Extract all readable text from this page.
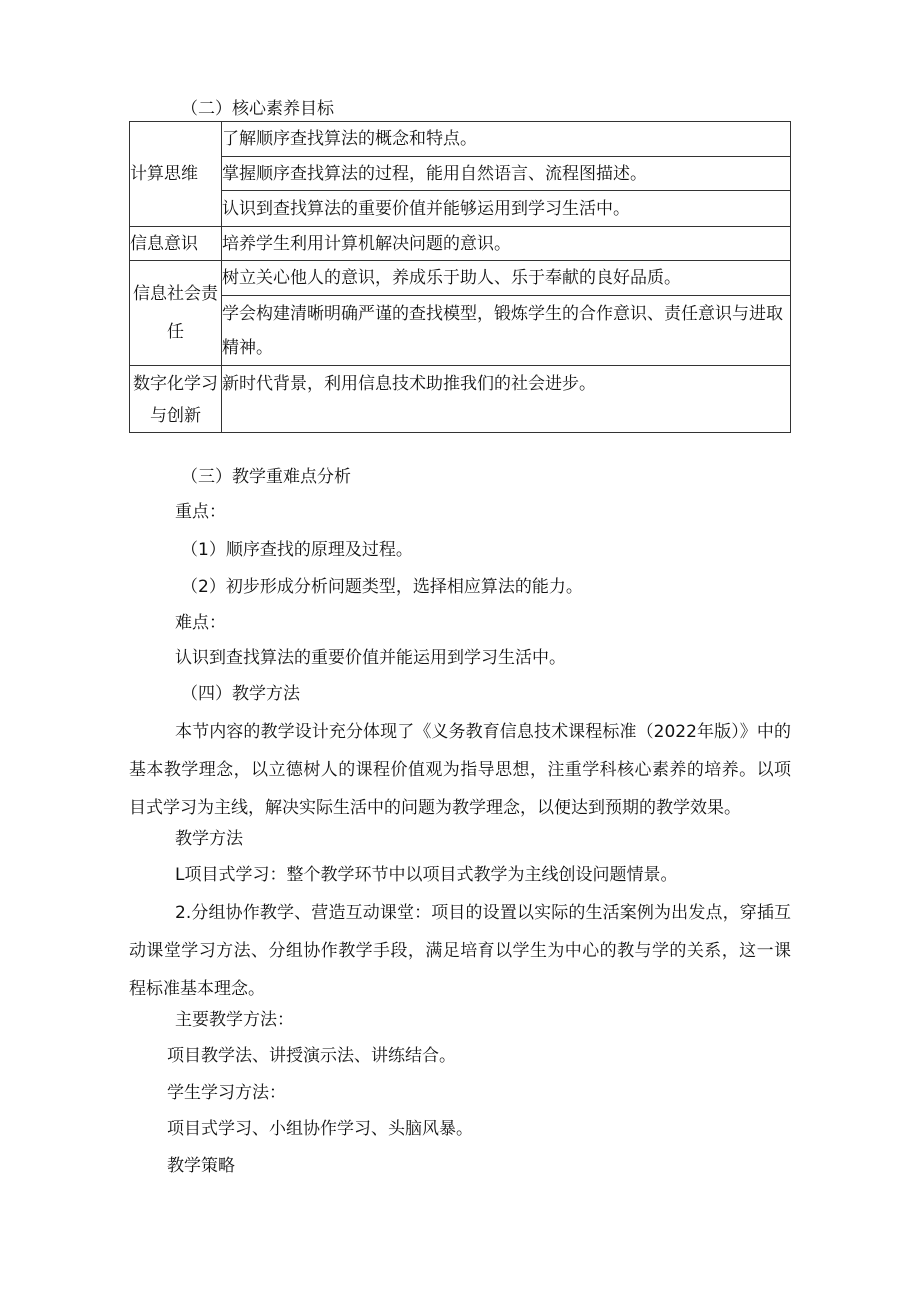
（二）核心素养目标
计算思维	了解顺序查找算法的概念和特点。
	掌握顺序查找算法的过程，能用自然语言、流程图描述。
	认识到查找算法的重要价值并能够运用到学习生活中。
信息意识	培养学生利用计算机解决问题的意识。
信息社会责任	树立关心他人的意识，养成乐于助人、乐于奉献的良好品质。
	学会构建清晰明确严谨的查找模型，锻炼学生的合作意识、责任意识与进取精神。
数字化学习与创新	新时代背景，利用信息技术助推我们的社会进步。
（三）教学重难点分析
重点：
（1）顺序查找的原理及过程。
（2）初步形成分析问题类型，选择相应算法的能力。
难点：
认识到查找算法的重要价值并能运用到学习生活中。
（四）教学方法
本节内容的教学设计充分体现了《义务教育信息技术课程标准（2022年版）》中的基本教学理念，以立德树人的课程价值观为指导思想，注重学科核心素养的培养。以项目式学习为主线，解决实际生活中的问题为教学理念，以便达到预期的教学效果。
教学方法
L项目式学习：整个教学环节中以项目式教学为主线创设问题情景。
2.分组协作教学、营造互动课堂：项目的设置以实际的生活案例为出发点，穿插互动课堂学习方法、分组协作教学手段，满足培育以学生为中心的教与学的关系，这一课程标准基本理念。
主要教学方法：
项目教学法、讲授演示法、讲练结合。
学生学习方法：
项目式学习、小组协作学习、头脑风暴。
教学策略
